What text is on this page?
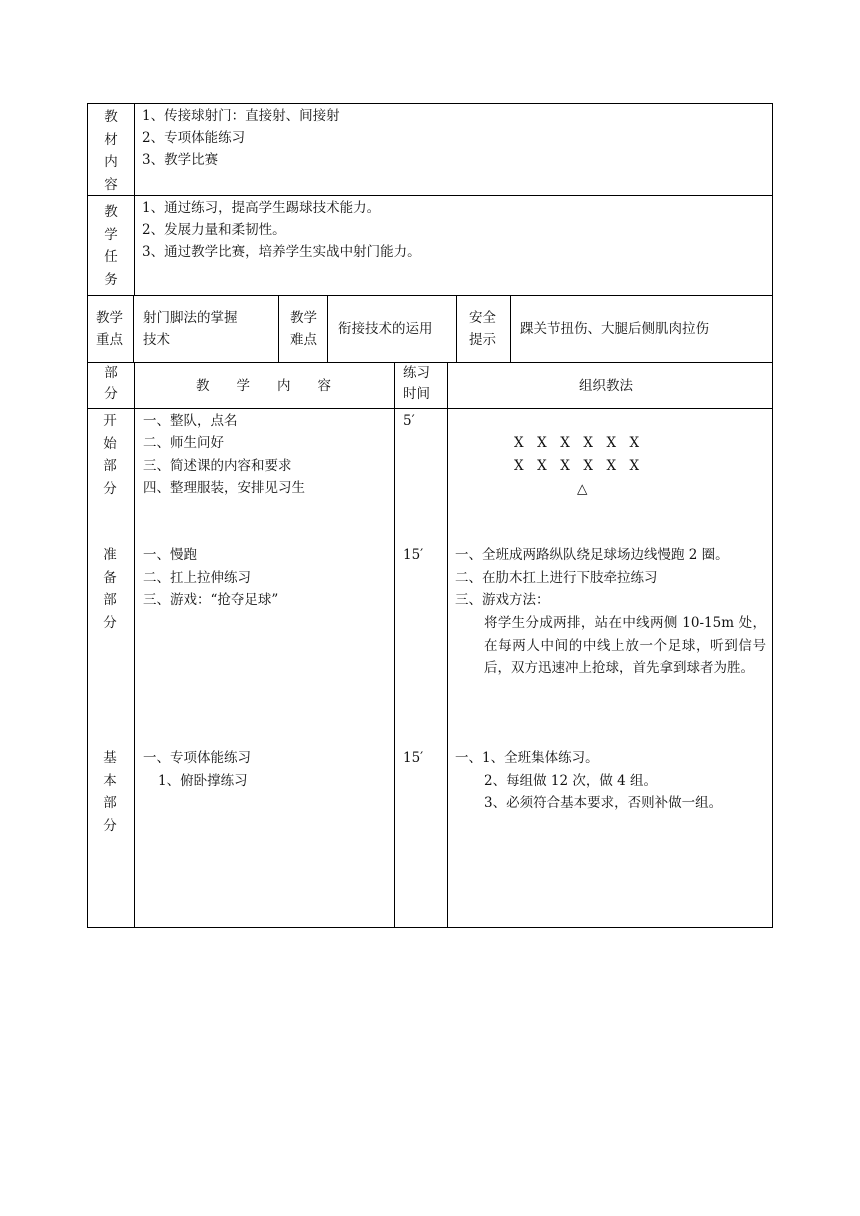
教
材
内
容
1、传接球射门：直接射、间接射
2、专项体能练习
3、教学比赛
教
学
任
务
1、通过练习，提高学生踢球技术能力。
2、发展力量和柔韧性。
3、通过教学比赛，培养学生实战中射门能力。
教学
重点
射门脚法的掌握
技术
教学
难点
衔接技术的运用
安全
提示
踝关节扭伤、大腿后侧肌肉拉伤
部
分	教　　学　　内　　容
练习
时间	组织教法
开
始
部
分
一、整队，点名
二、师生问好
三、简述课的内容和要求
四、整理服装，安排见习生
5′
X　X　X　X　X　X
X　X　X　X　X　X
△
准
备
部
分
一、慢跑
二、扛上拉伸练习
三、游戏：“抢夺足球”
15′ 一、全班成两路纵队绕足球场边线慢跑 2 圈。
二、在肋木扛上进行下肢牵拉练习
三、游戏方法：
将学生分成两排，站在中线两侧 10-15m 处，在每两人中间的中线上放一个足球，听到信号后，双方迅速冲上抢球，首先拿到球者为胜。
基
本
部
分
一、专项体能练习
1、俯卧撑练习
15′ 一、1、全班集体练习。
2、每组做 12 次，做 4 组。
3、必须符合基本要求，否则补做一组。
